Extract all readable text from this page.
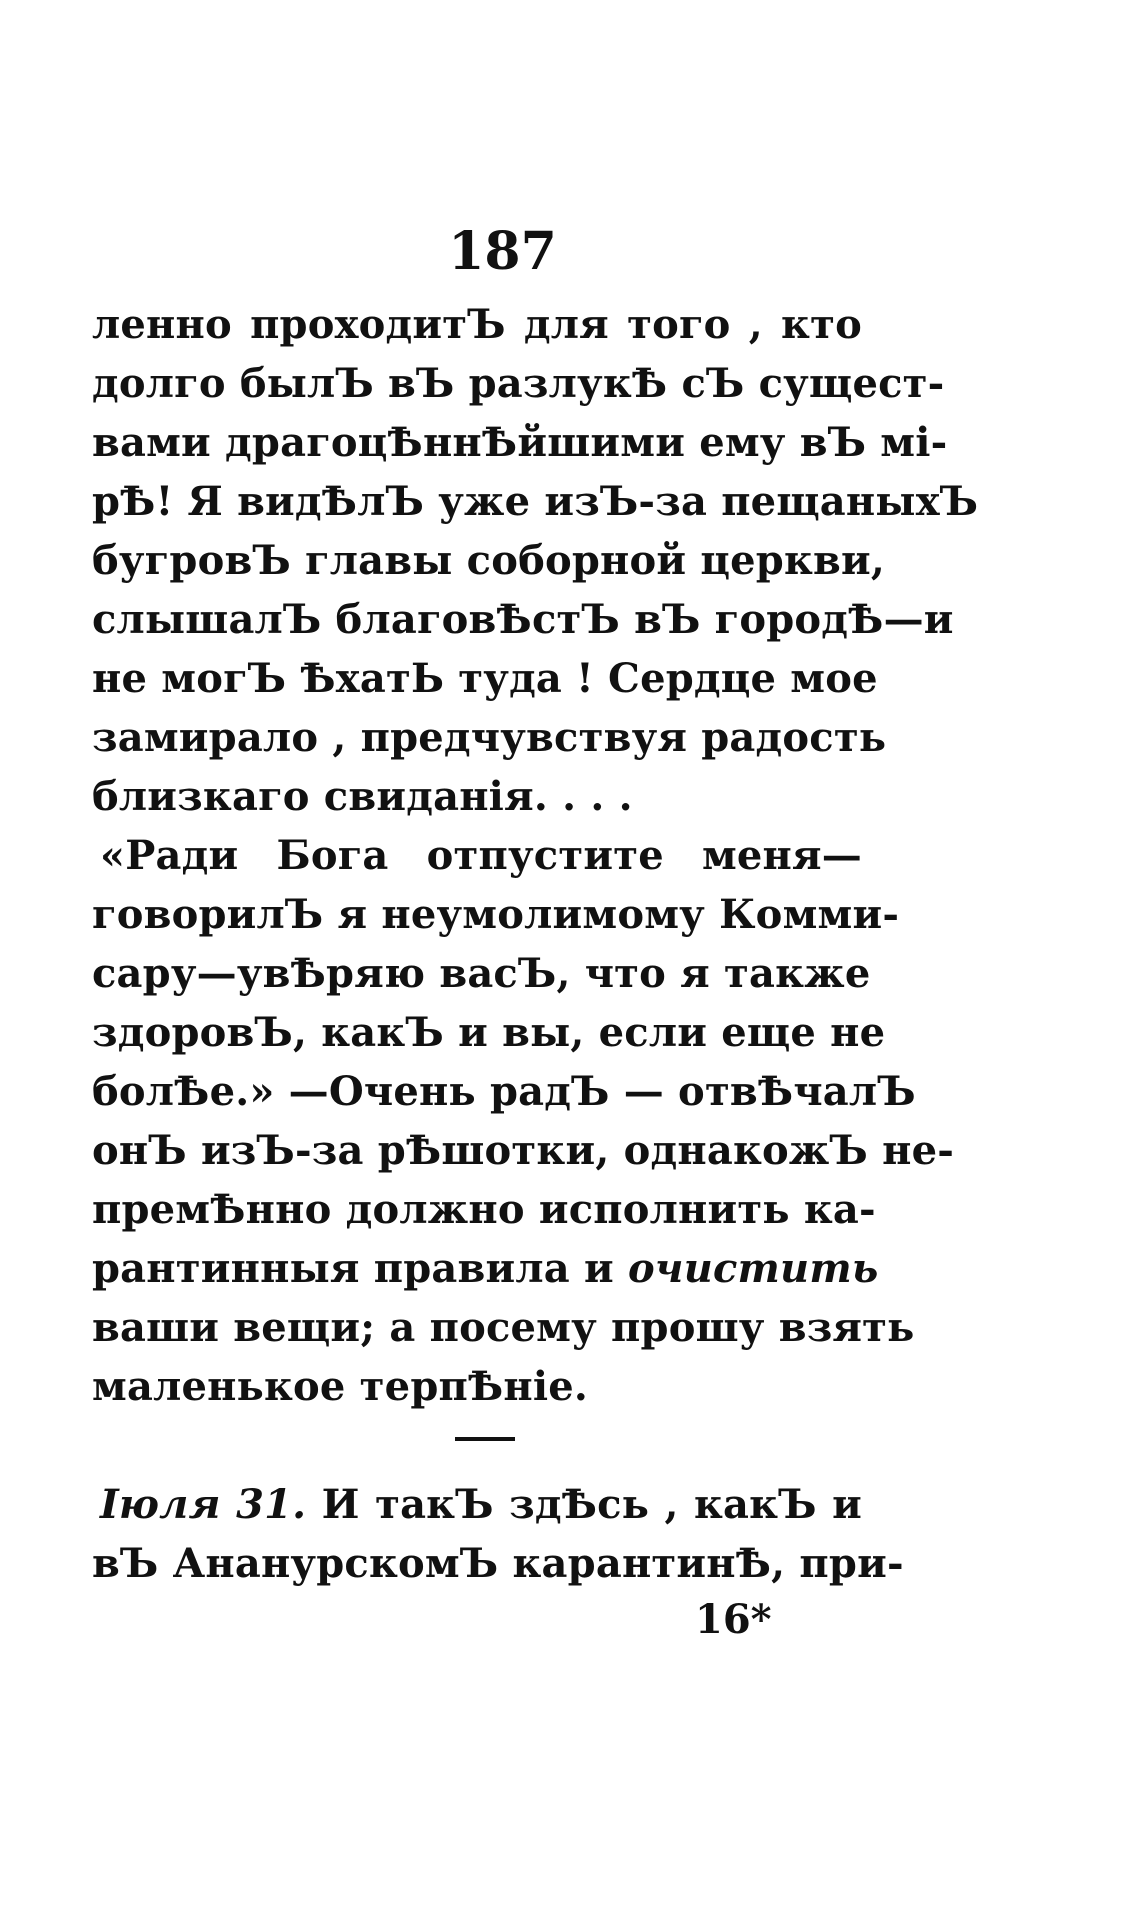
187
ленно проходитЪ для того , кто
долго былЪ вЪ разлукѢ сЪ сущест-
вами драгоцѢннѢйшими ему вЪ мі-
рѢ! Я видѢлЪ уже изЪ-за пещаныхЪ
бугровЪ главы соборной церкви,
слышалЪ благовѢстЪ вЪ городѢ—и
не могЪ ѢхатЬ туда ! Сердце мое
замирало , предчувствуя радость
близкаго свиданія. . . .
«Ради Бога отпустите меня—
говорилЪ я неумолимому Комми-
сару—увѢряю васЪ, что я также
здоровЪ, какЪ и вы, если еще не
болѢе.» —Очень радЪ — отвѢчалЪ
онЪ изЪ-за рѢшотки, однакожЪ не-
премѢнно должно исполнить ка-
рантинныя правила и очистить
ваши вещи; а посему прошу взять
маленькое терпѢніе.
Іюля 31. И такЪ здѢсь , какЪ и
вЪ АнанурскомЪ карантинѢ, при-
16*
